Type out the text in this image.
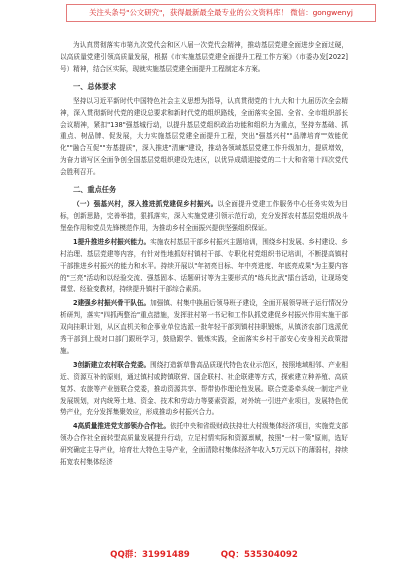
关注头条号"公文研究"，获得最新最全最专业的公文资料库！ 微信：gongwenyj
为认真贯彻落实市第九次党代会和区八届一次党代会精神，推动基层党建全面进步全面过硬，以高质量党建引领高质量发展，根据《市实施基层党建全面提升工程工作方案》（市委办发[2022]号）精神，结合区实际，现就实施基层党建全面提升工程制定本方案。
一、总体要求
坚持以习近平新时代中国特色社会主义思想为指导，认真贯彻党的十九大和十九届历次全会精神，深入贯彻新时代党的建设总要求和新时代党的组织路线，全面落实全国、全省、全市组织部长会议精神，紧扣"138"强基城行动，以提升基层党组织政治功能和组织力为重点，坚持夯基础、抓重点、树品牌、促发展，大力实施基层党建全面提升工程，突出"强基兴村""品牌培育""效能优化""融合互促""夯基提质"，深入推进"清廉"建设，推动各领域基层党建工作升级加力，提质增效，为奋力谱写区全面争创全国基层党组织建设先进区，以优异成绩迎接党的二十大和省第十四次党代会胜利召开。
二、重点任务
（一）强基兴村，深入推进抓党建促乡村振兴。以全面提升党建工作服务中心任务实效为目标，创新思路，完善举措，狠抓落实，深入实施党建引领示范行动，充分发挥农村基层党组织战斗堡垒作用和党员先锋模范作用，为推动乡村全面振兴提供坚强组织保证。
1提升推进乡村振兴能力。实施农村基层干部乡村振兴主题培训，围绕乡村发展、乡村建设、乡村治理、基层党建等内容，有针对性地抓好村镇村干部、专职化村党组织书记培训，不断提高镇村干部推进乡村振兴的能力和水平。持续开展以"年初亮目标、年中亮进度、年底亮成果"为主要内容的"三亮"活动和以经验交流、强基固本、话题研讨等为主要形式的"练兵比武"擂台活动，让现场变课堂、经验变教材，持续提升镇村干部综合素质。
2建强乡村振兴骨干队伍。加强镇、村集中换届后领导班子建设，全面开展领导班子运行情况分析研判，落实"四抓两整治"重点措施，发挥驻村第一书记和工作队抓党建促乡村振兴作用实施干部双向挂职计划，从区直机关和企事业单位选派一批年轻干部到镇村挂职锻炼，从镇济农部门选派优秀干部到上级对口部门跟班学习，鼓励跟学、锻炼实践，全面落实乡村干部安心安身相关政策措施。
3创新建立农村联合党委。围绕打造新草鲁高品质现代特色农业示范区，按照地域相邻、产业相近、资源互补的原则，通过镇村或跨镇联营、国企联村、社企联建等方式，探索建立种养殖、高质复苏、农旅等产业链联合党委，推动资源共享、帮带协作理论性发展。联合党委牵头统一制定产业发展规划，对内统筹土地、资金、技术和劳动力等要素资源，对外统一引进产业项目，发展特色优势产业，充分发挥集聚效应，形成推动乡村振兴合力。
4高质量推进党支部领办合作社。依托中央和省级财政扶持壮大村级集体经济项目，实施党支部领办合作社全面转型高质量发展提升行动，立足村情实际和资源禀赋，按照"一村一策"原则，选好研究确定主导产业，培育壮大特色主导产业，全面清除村集体经济年收入5万元以下的薄弱村，持续拓宽农村集体经济
QQ群：31991489	QQ：535304092
